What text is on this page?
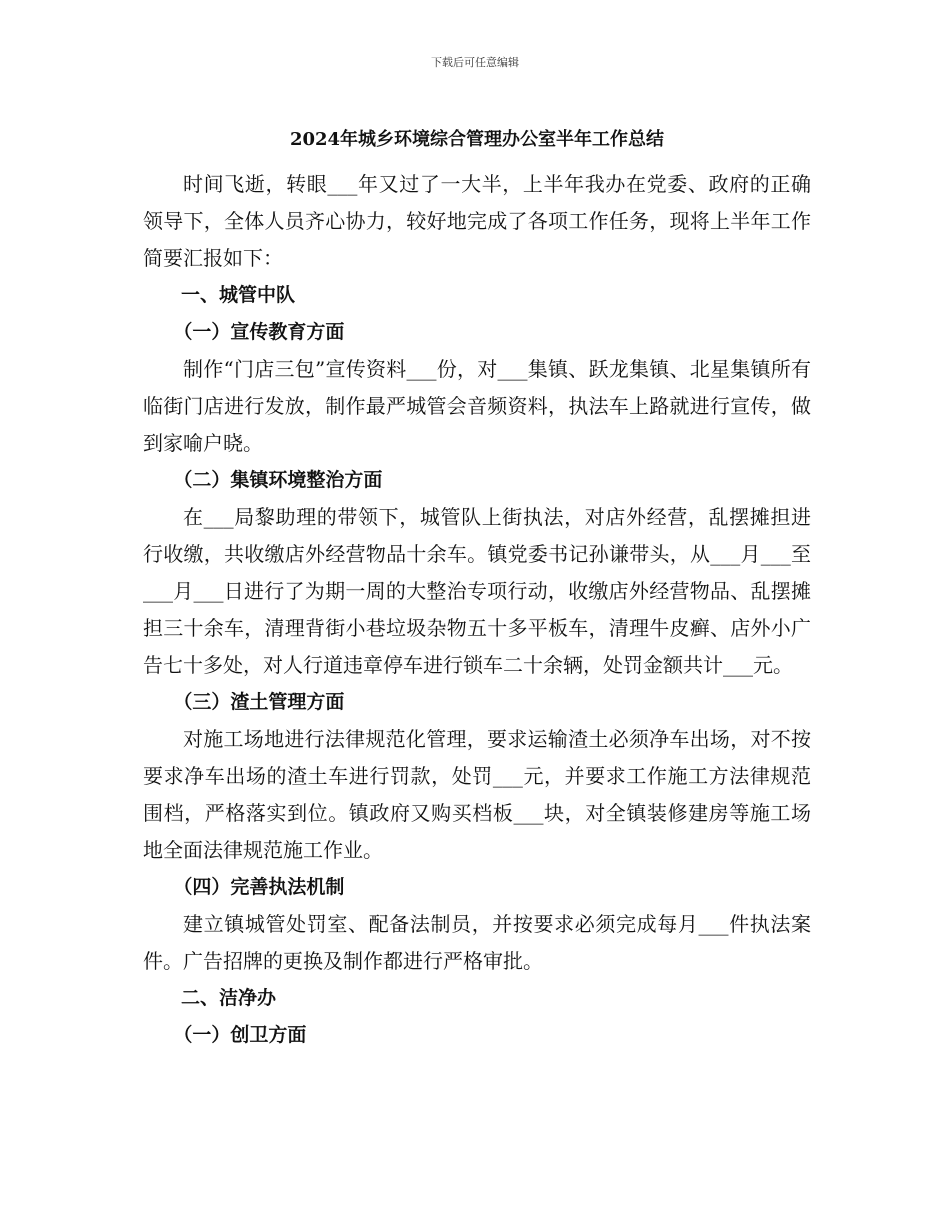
下载后可任意编辑
2024年城乡环境综合管理办公室半年工作总结

时间飞逝，转眼___年又过了一大半，上半年我办在党委、政府的正确领导下，全体人员齐心协力，较好地完成了各项工作任务，现将上半年工作简要汇报如下：

一、城管中队
（一）宣传教育方面

制作“门店三包”宣传资料___份，对___集镇、跃龙集镇、北星集镇所有临街门店进行发放，制作最严城管会音频资料，执法车上路就进行宣传，做到家喻户晓。

（二）集镇环境整治方面

在___局黎助理的带领下，城管队上街执法，对店外经营，乱摆摊担进行收缴，共收缴店外经营物品十余车。镇党委书记孙谦带头，从___月___至___月___日进行了为期一周的大整治专项行动，收缴店外经营物品、乱摆摊担三十余车，清理背街小巷垃圾杂物五十多平板车，清理牛皮癣、店外小广告七十多处，对人行道违章停车进行锁车二十余辆，处罚金额共计___元。

（三）渣土管理方面

对施工场地进行法律规范化管理，要求运输渣土必须净车出场，对不按要求净车出场的渣土车进行罚款，处罚___元，并要求工作施工方法律规范围档，严格落实到位。镇政府又购买档板___块，对全镇装修建房等施工场地全面法律规范施工作业。

（四）完善执法机制

建立镇城管处罚室、配备法制员，并按要求必须完成每月___件执法案件。广告招牌的更换及制作都进行严格审批。

二、洁净办
（一）创卫方面
